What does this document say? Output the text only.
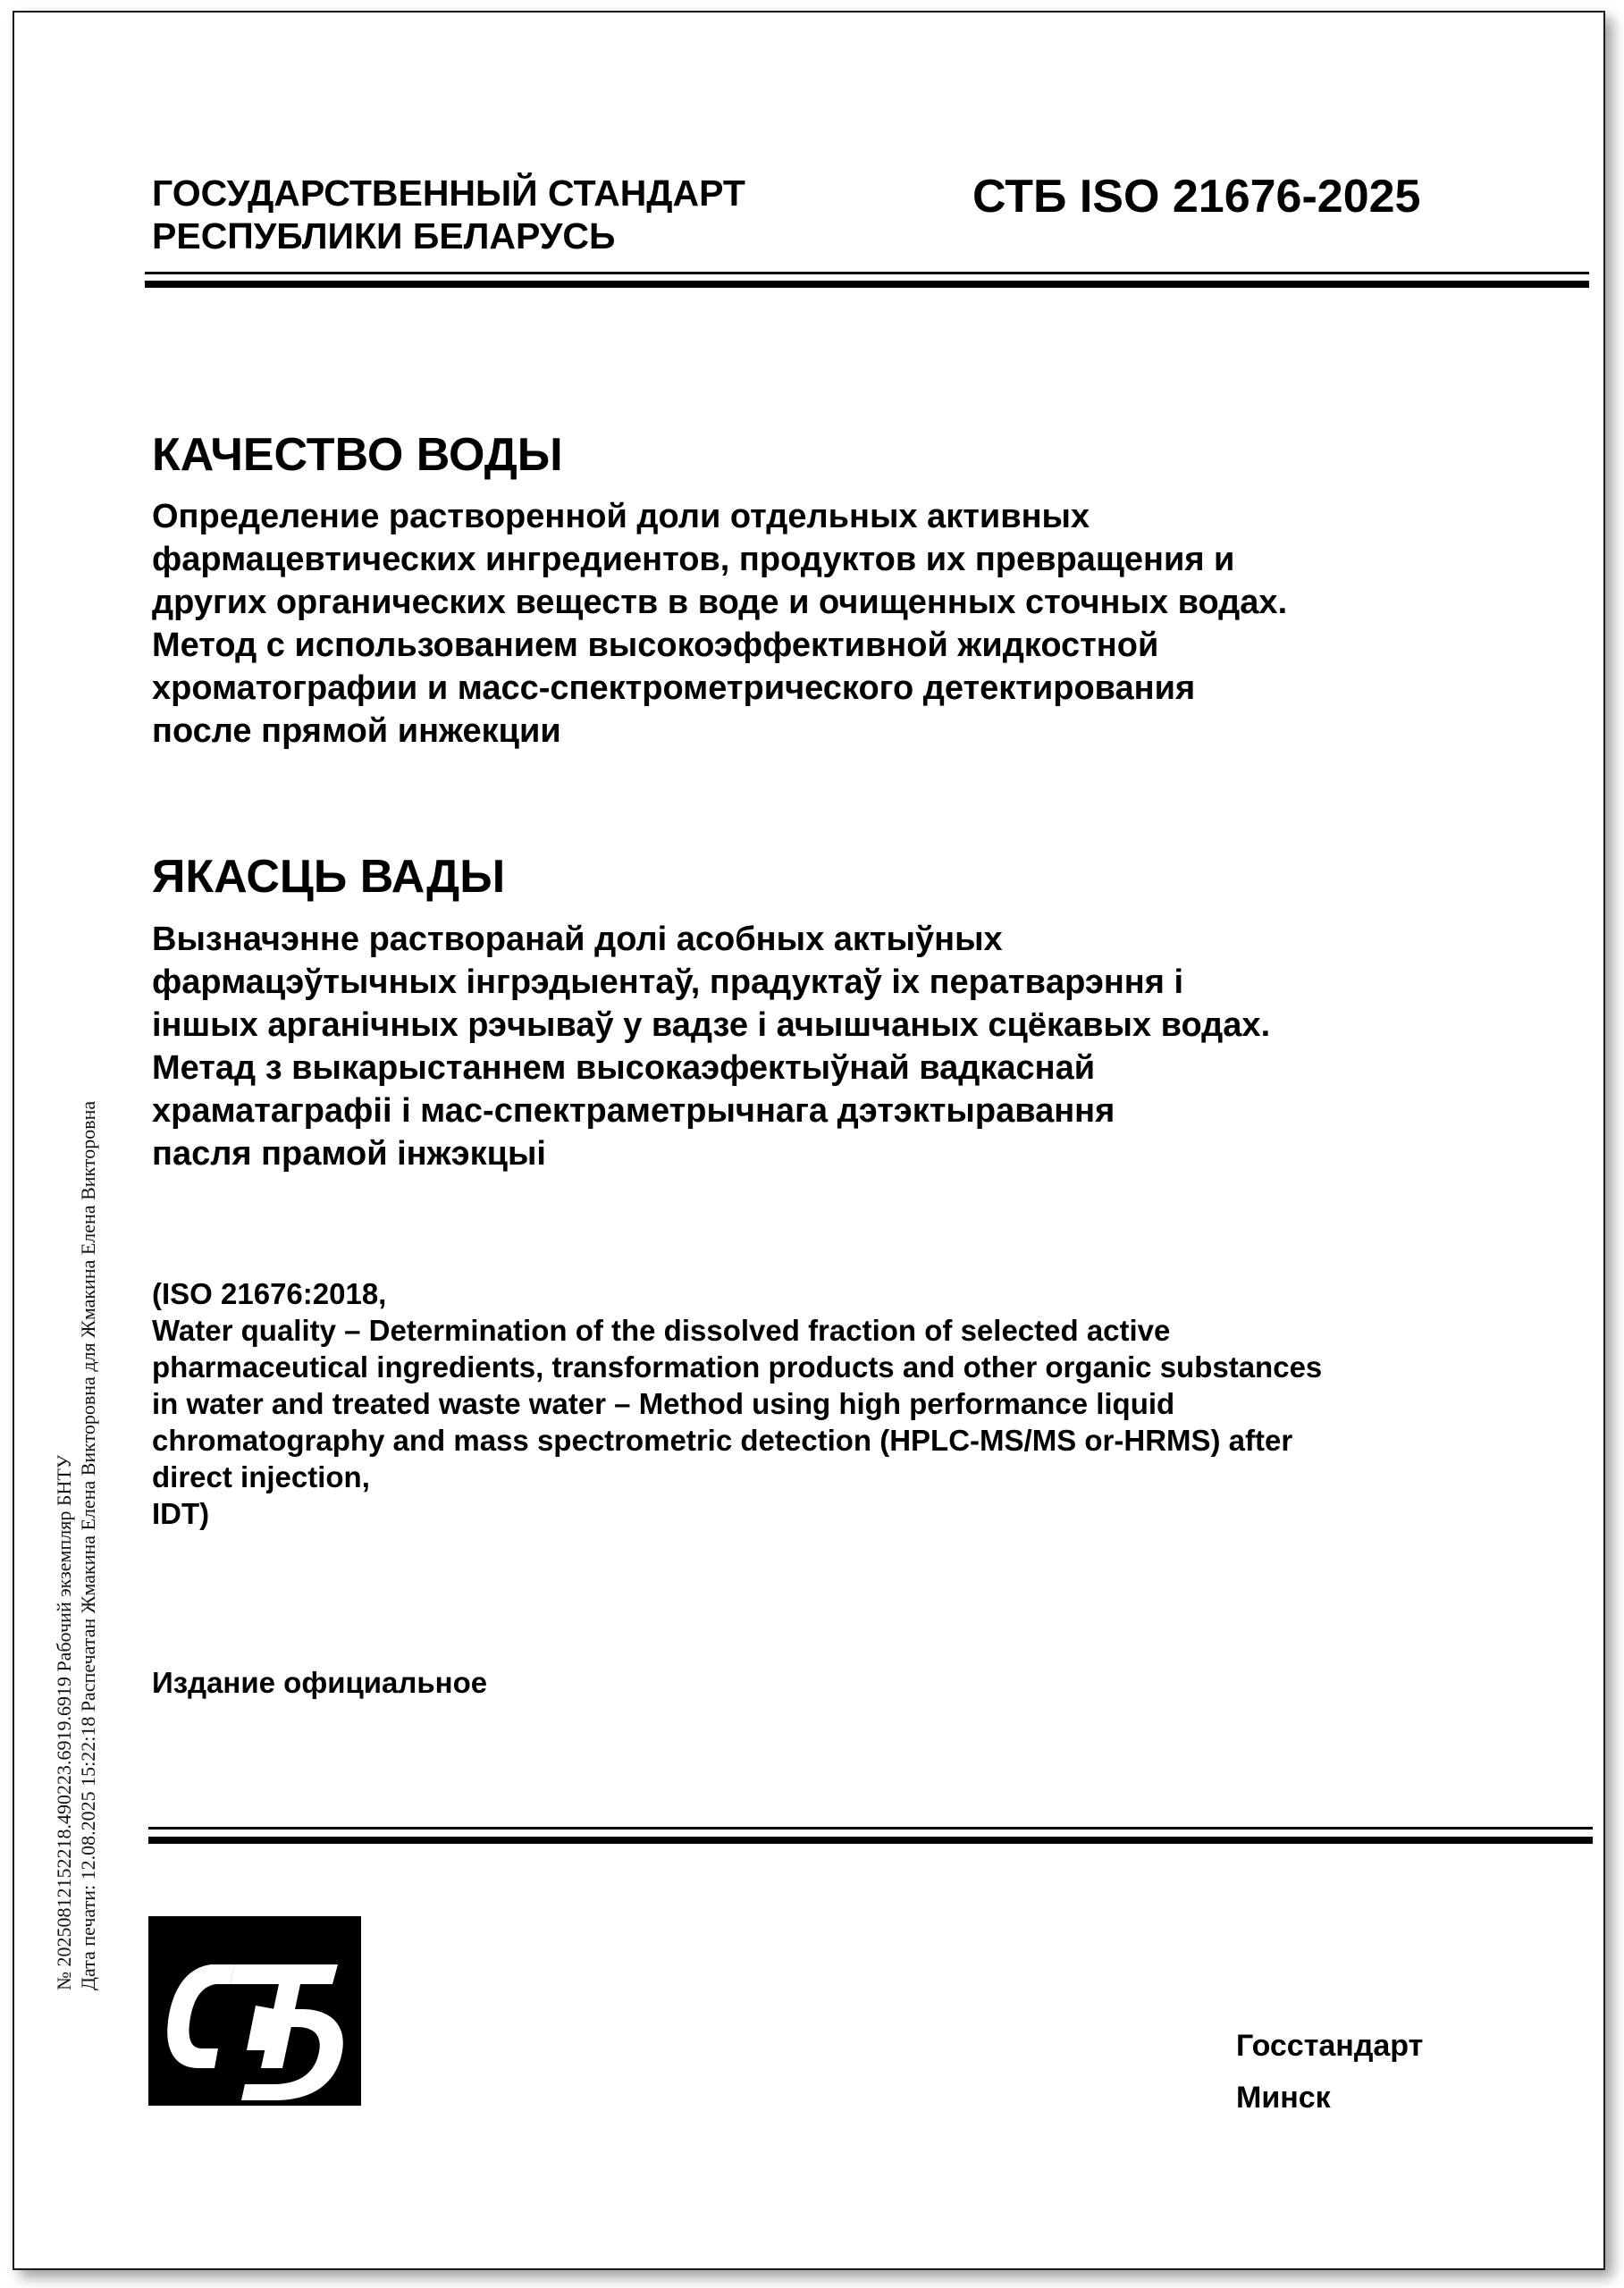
ГОСУДАРСТВЕННЫЙ СТАНДАРТ
РЕСПУБЛИКИ БЕЛАРУСЬ
СТБ ISO 21676-2025
КАЧЕСТВО ВОДЫ
Определение растворенной доли отдельных активных
фармацевтических ингредиентов, продуктов их превращения и
других органических веществ в воде и очищенных сточных водах.
Метод с использованием высокоэффективной жидкостной
хроматографии и масс-спектрометрического детектирования
после прямой инжекции
ЯКАСЦЬ ВАДЫ
Вызначэнне раствоpанай долі асобных актыўных
фармацэўтычных інгрэдыентаў, прадуктаў іх пеpатвaрэння і
іншых арганічных рэчываў у вадзе і ачышчаных сцёкавых водах.
Метад з выкарыстаннем высокаэфектыўнай вадкаснай
храматаграфіі і мас-спектраметрычнага дэтэктыравання
пасля прамой інжэкцыі
(ISO 21676:2018,
Water quality – Determination of the dissolved fraction of selected active
pharmaceutical ingredients, transformation products and other organic substances
in water and treated waste water – Method using high performance liquid
chromatography and mass spectrometric detection (HPLC-MS/MS or-HRMS) after
direct injection,
IDT)
Издание официальное
Госстандарт
Минск
№ 20250812152218.490223.6919.6919 Рабочий экземпляр БНТУ Дата печати: 12.08.2025 15:22:18 Распечатан Жмакина Елена Викторовна для Жмакина Елена Викторовна
